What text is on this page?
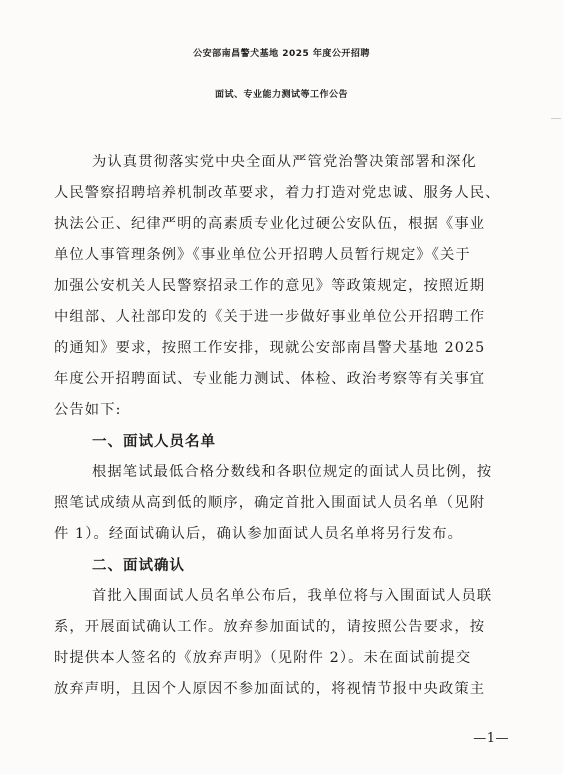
公安部南昌警犬基地 2025 年度公开招聘
面试、专业能力测试等工作公告
为认真贯彻落实党中央全面从严管党治警决策部署和深化
人民警察招聘培养机制改革要求，着力打造对党忠诚、服务人民、
执法公正、纪律严明的高素质专业化过硬公安队伍，根据《事业
单位人事管理条例》《事业单位公开招聘人员暂行规定》《关于
加强公安机关人民警察招录工作的意见》等政策规定，按照近期
中组部、人社部印发的《关于进一步做好事业单位公开招聘工作
的通知》要求，按照工作安排，现就公安部南昌警犬基地 2025
年度公开招聘面试、专业能力测试、体检、政治考察等有关事宜
公告如下:
一、面试人员名单
根据笔试最低合格分数线和各职位规定的面试人员比例，按
照笔试成绩从高到低的顺序，确定首批入围面试人员名单（见附
件 1）。经面试确认后，确认参加面试人员名单将另行发布。
二、面试确认
首批入围面试人员名单公布后，我单位将与入围面试人员联
系，开展面试确认工作。放弃参加面试的，请按照公告要求，按
时提供本人签名的《放弃声明》（见附件 2）。未在面试前提交
放弃声明，且因个人原因不参加面试的，将视情节报中央政策主
—1—
